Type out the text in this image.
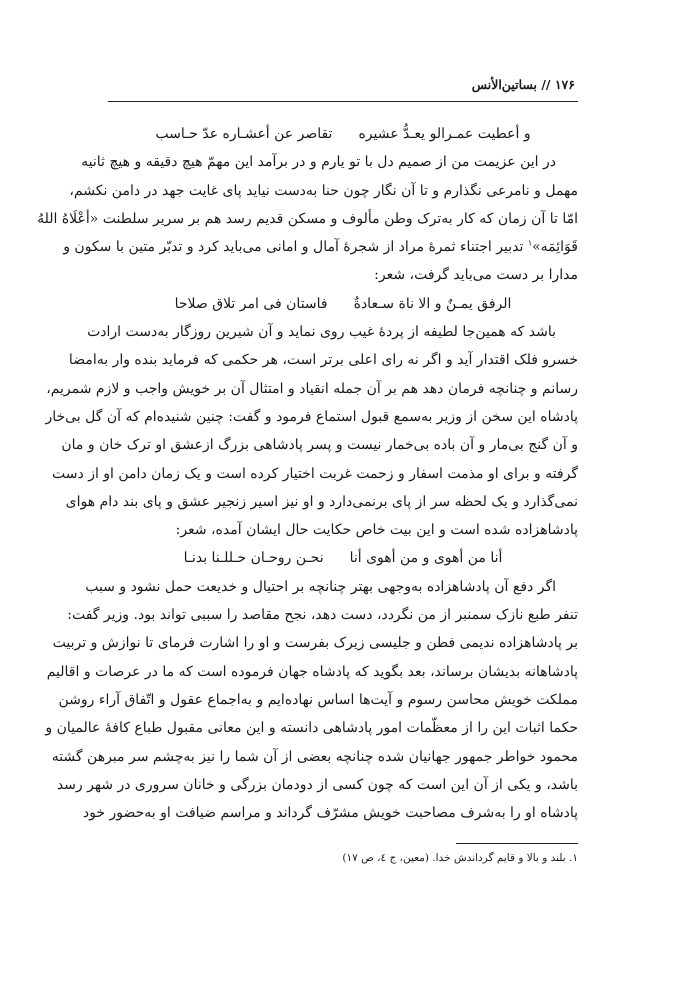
۱۷۶ // بساتین‌الأنس
و أعطیت عمـرالو یعـدُّ عشیره
تقاصر عن أعشـاره عدّ حـاسب
در این عزیمت من از صمیم دل با تو یارم و در برآمد این مهمّ هیچ دقیقه و هیچ ثانیه
مهمل و نامرعی نگذارم و تا آن نگار چون حنا به‌دست نیاید پای غایت جهد در دامن نکشم،
امّا تا آن زمان که کار به‌ترک وطن مألوف و مسکن قدیم رسد هم بر سریر سلطنت «أعْلَاهُ اللهُ
قَوَائِمَه»$^۱$ تدبیر اجتناء ثمرهٔ مراد از شجرهٔ آمال و امانی می‌باید کرد و تدبّر متین با سکون و
مدارا بر دست می‌باید گرفت، شعر:
الرفق یمـنٌ و الا ناة سـعادةٌ
فاستان فی امر تلاق صلاحا
باشد که همین‌جا لطیفه از پردهٔ غیب روی نماید و آن شیرین روزگار به‌دست ارادت
خسرو فلک اقتدار آید و اگر نه رای اعلی برتر است، هر حکمی که فرماید بنده وار به‌امضا
رسانم و چنانچه فرمان دهد هم بر آن جمله انقیاد و امتثال آن بر خویش واجب و لازم شمریم،
پادشاه این سخن از وزیر به‌سمع قبول استماع فرمود و گفت: چنین شنیده‌ام که آن گل بی‌خار
و آن گنج بی‌مار و آن باده بی‌خمار نیست و پسر پادشاهی بزرگ ازعشق او ترک خان و مان
گرفته و برای او مذمت اسفار و زحمت غربت اختیار کرده است و یک زمان دامن او از دست
نمی‌گذارد و یک لحظه سر از پای برنمی‌دارد و او نیز اسیر زنجیر عشق و پای بند دام هوای
پادشاهزاده شده است و این بیت خاص حکایت حال ایشان آمده، شعر:
أنا من أهوی و من أهوی أنا
نحـن روحـان حـللـنا بدنـا
اگر دفع آن پادشاهزاده به‌وجهی بهتر چنانچه بر احتیال و خدیعت حمل نشود و سبب
تنفر طبع نازک سمنبر از من نگردد، دست دهد، نجح مقاصد را سببی تواند بود. وزیر گفت:
بر پادشاهزاده ندیمی فطن و جلیسی زیرک بفرست و او را اشارت فرمای تا نوازش و تربیت
پادشاهانه بدیشان برساند، بعد بگوید که پادشاه جهان فرموده است که ما در عرصات و اقالیم
مملکت خویش محاسن رسوم و آیت‌ها اساس نهاده‌ایم و به‌اجماع عقول و اتّفاق آراء روشن
حکما اثبات این را از معظّمات امور پادشاهی دانسته و این معانی مقبول طباع کافهٔ عالمیان و
محمود خواطر جمهور جهانیان شده چنانچه بعضی از آن شما را نیز به‌چشم سر مبرهن گشته
باشد، و یکی از آن این است که چون کسی از دودمان بزرگی و خانان سروری در شهر رسد
پادشاه او را به‌شرف مصاحبت خویش مشرّف گرداند و مراسم ضیافت او به‌حضور خود
۱. بلند و بالا و قایم گرداندش خدا. (معین، ج ٤، ص ۱۷)
